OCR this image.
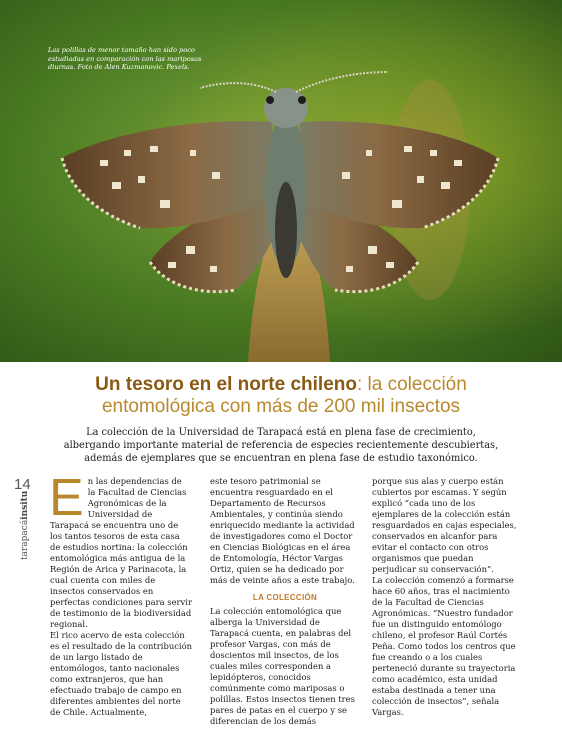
Las polillas de menor tamaño han sido poco estudiadas en comparación con las mariposas diurnas. Foto de Alen Kuzmanovic. Pexels.
Un tesoro en el norte chileno: la colección entomológica con más de 200 mil insectos
La colección de la Universidad de Tarapacá está en plena fase de crecimiento, albergando importante material de referencia de especies recientemente descubiertas, además de ejemplares que se encuentran en plena fase de estudio taxonómico.
14
tarapacáinsitu E n las dependencias de la Facultad de Ciencias Agronómicas de la Universidad de Tarapacá se encuentra uno de los tantos tesoros de esta casa de estudios nortina: la colección entomológica más antigua de la Región de Arica y Parinacota, la cual cuenta con miles de insectos conservados en perfectas condiciones para servir de testimonio de la biodiversidad regional.

El rico acervo de esta colección es el resultado de la contribución de un largo listado de entomólogos, tanto nacionales como extranjeros, que han efectuado trabajo de campo en diferentes ambientes del norte de Chile. Actualmente,

este tesoro patrimonial se encuentra resguardado en el Departamento de Recursos Ambientales, y continúa siendo enriquecido mediante la actividad de investigadores como el Doctor en Ciencias Biológicas en el área de Entomología, Héctor Vargas Ortiz, quien se ha dedicado por más de veinte años a este trabajo.

LA COLECCIÓN

La colección entomológica que alberga la Universidad de Tarapacá cuenta, en palabras del profesor Vargas, con más de doscientos mil insectos, de los cuales miles corresponden a lepidópteros, conocidos comúnmente como mariposas o polillas. Estos insectos tienen tres pares de patas en el cuerpo y se diferencian de los demás

porque sus alas y cuerpo están cubiertos por escamas. Y según explicó “cada uno de los ejemplares de la colección están resguardados en cajas especiales, conservados en alcanfor para evitar el contacto con otros organismos que puedan perjudicar su conservación”.

La colección comenzó a formarse hace 60 años, tras el nacimiento de la Facultad de Ciencias Agronómicas. “Nuestro fundador fue un distinguido entomólogo chileno, el profesor Raúl Cortés Peña. Como todos los centros que fue creando o a los cuales perteneció durante su trayectoria como académico, esta unidad estaba destinada a tener una colección de insectos”, señala Vargas.
